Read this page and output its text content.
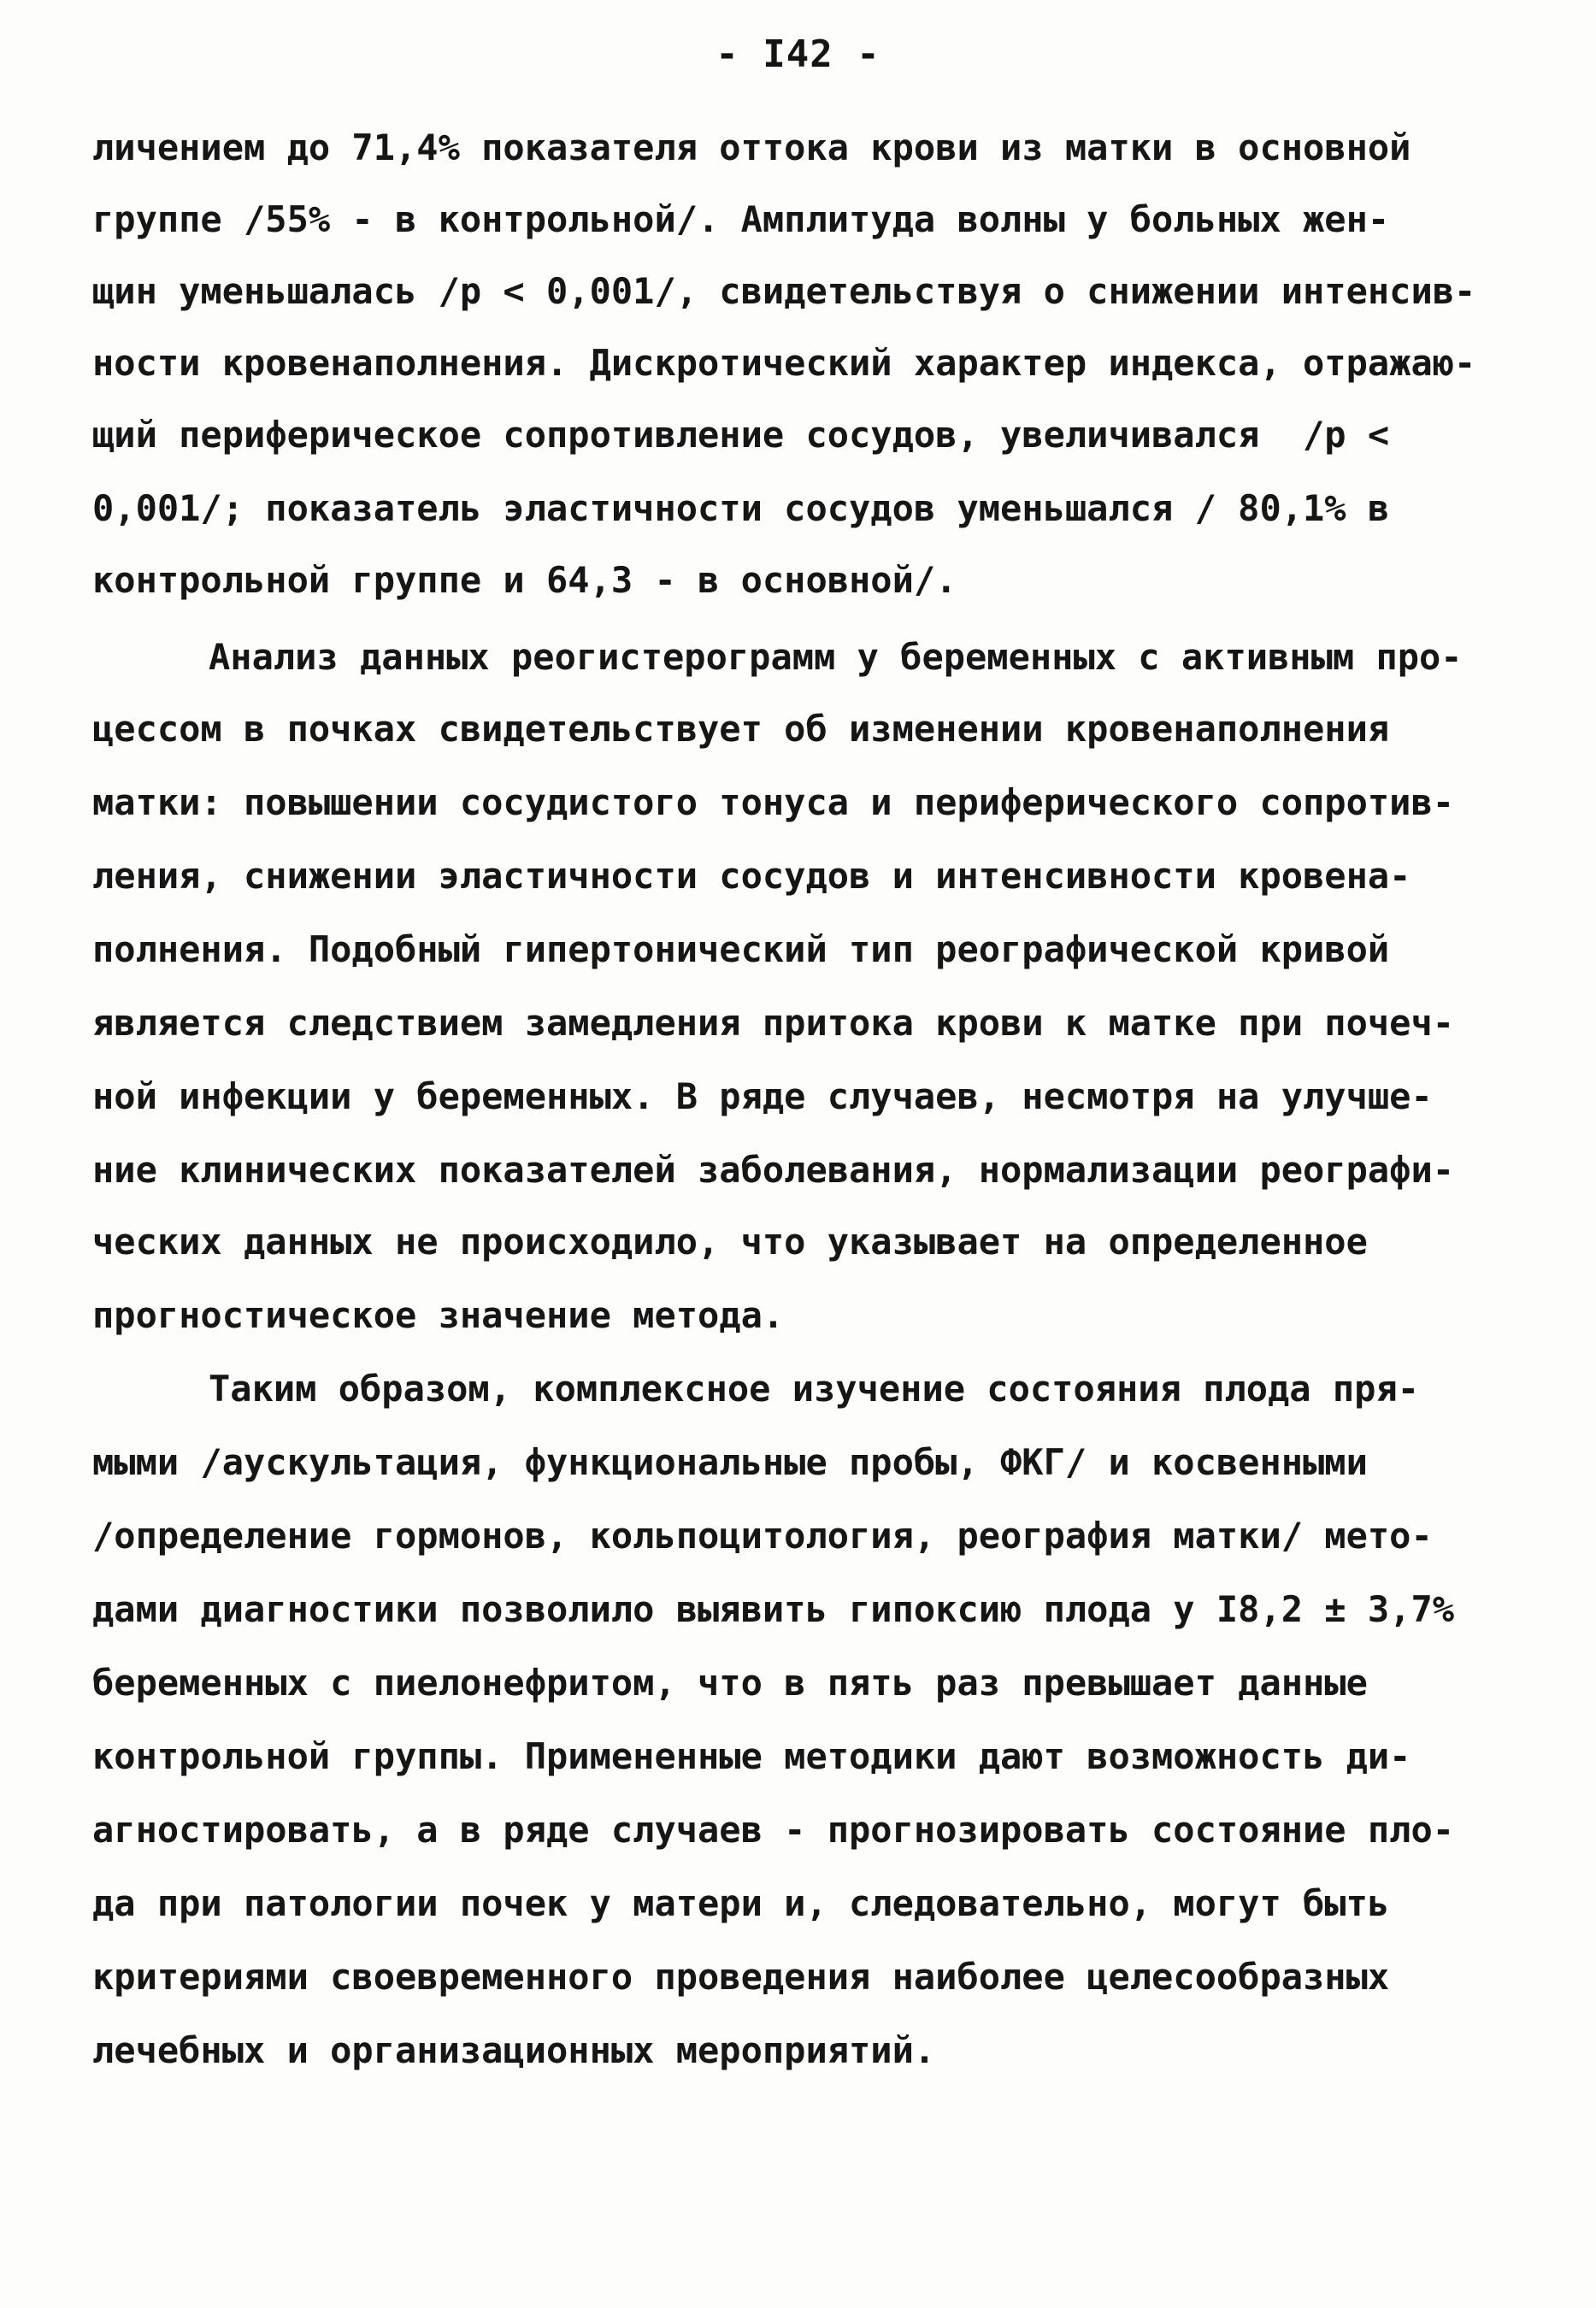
- I42 -
личением до 71,4% показателя оттока крови из матки в основной
группе /55% - в контрольной/. Амплитуда волны у больных жен-
щин уменьшалась /p < 0,001/, свидетельствуя о снижении интенсив-
ности кровенаполнения. Дискротический характер индекса, отражаю-
щий периферическое сопротивление сосудов, увеличивался  /p <
0,001/; показатель эластичности сосудов уменьшался / 80,1% в
контрольной группе и 64,3 - в основной/.
Анализ данных реогистерограмм у беременных с активным про-
цессом в почках свидетельствует об изменении кровенаполнения
матки: повышении сосудистого тонуса и периферического сопротив-
ления, снижении эластичности сосудов и интенсивности кровена-
полнения. Подобный гипертонический тип реографической кривой
является следствием замедления притока крови к матке при почеч-
ной инфекции у беременных. В ряде случаев, несмотря на улучше-
ние клинических показателей заболевания, нормализации реографи-
ческих данных не происходило, что указывает на определенное
прогностическое значение метода.
Таким образом, комплексное изучение состояния плода пря-
мыми /аускультация, функциональные пробы, ФКГ/ и косвенными
/определение гормонов, кольпоцитология, реография матки/ мето-
дами диагностики позволило выявить гипоксию плода у I8,2 ± 3,7%
беременных с пиелонефритом, что в пять раз превышает данные
контрольной группы. Примененные методики дают возможность ди-
агностировать, а в ряде случаев - прогнозировать состояние пло-
да при патологии почек у матери и, следовательно, могут быть
критериями своевременного проведения наиболее целесообразных
лечебных и организационных мероприятий.
